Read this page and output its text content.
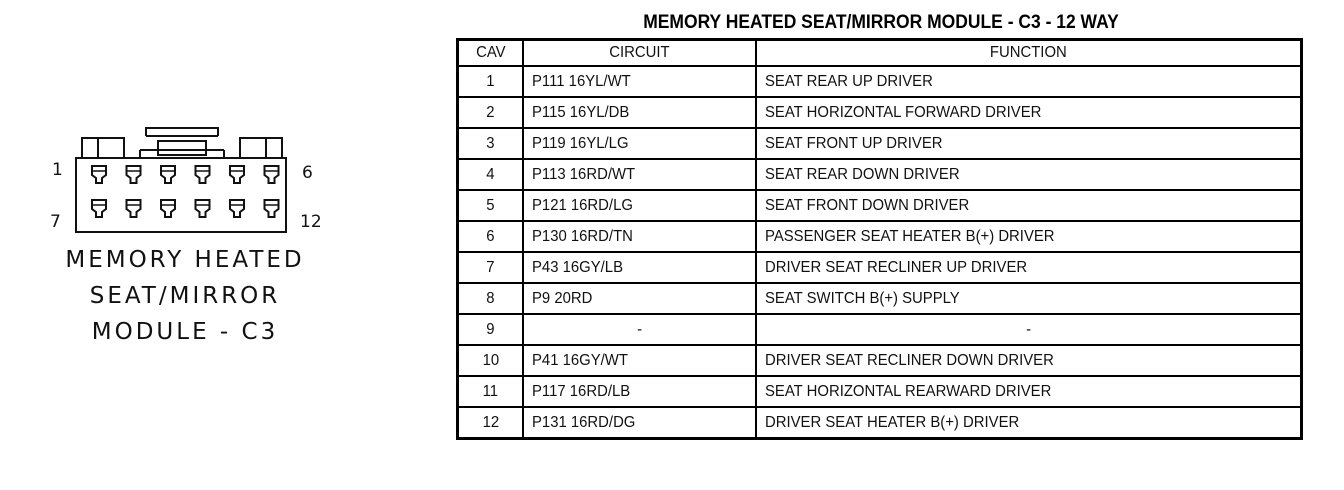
1	6
7	12
MEMORY HEATED
SEAT/MIRROR
MODULE - C3
MEMORY HEATED SEAT/MIRROR MODULE - C3 - 12 WAY
CAV	CIRCUIT	FUNCTION
1	P111 16YL/WT	SEAT REAR UP DRIVER
2	P115 16YL/DB	SEAT HORIZONTAL FORWARD DRIVER
3	P119 16YL/LG	SEAT FRONT UP DRIVER
4	P113 16RD/WT	SEAT REAR DOWN DRIVER
5	P121 16RD/LG	SEAT FRONT DOWN DRIVER
6	P130 16RD/TN	PASSENGER SEAT HEATER B(+) DRIVER
7	P43 16GY/LB	DRIVER SEAT RECLINER UP DRIVER
8	P9 20RD	SEAT SWITCH B(+) SUPPLY
9	-	-
10	P41 16GY/WT	DRIVER SEAT RECLINER DOWN DRIVER
11	P117 16RD/LB	SEAT HORIZONTAL REARWARD DRIVER
12	P131 16RD/DG	DRIVER SEAT HEATER B(+) DRIVER
